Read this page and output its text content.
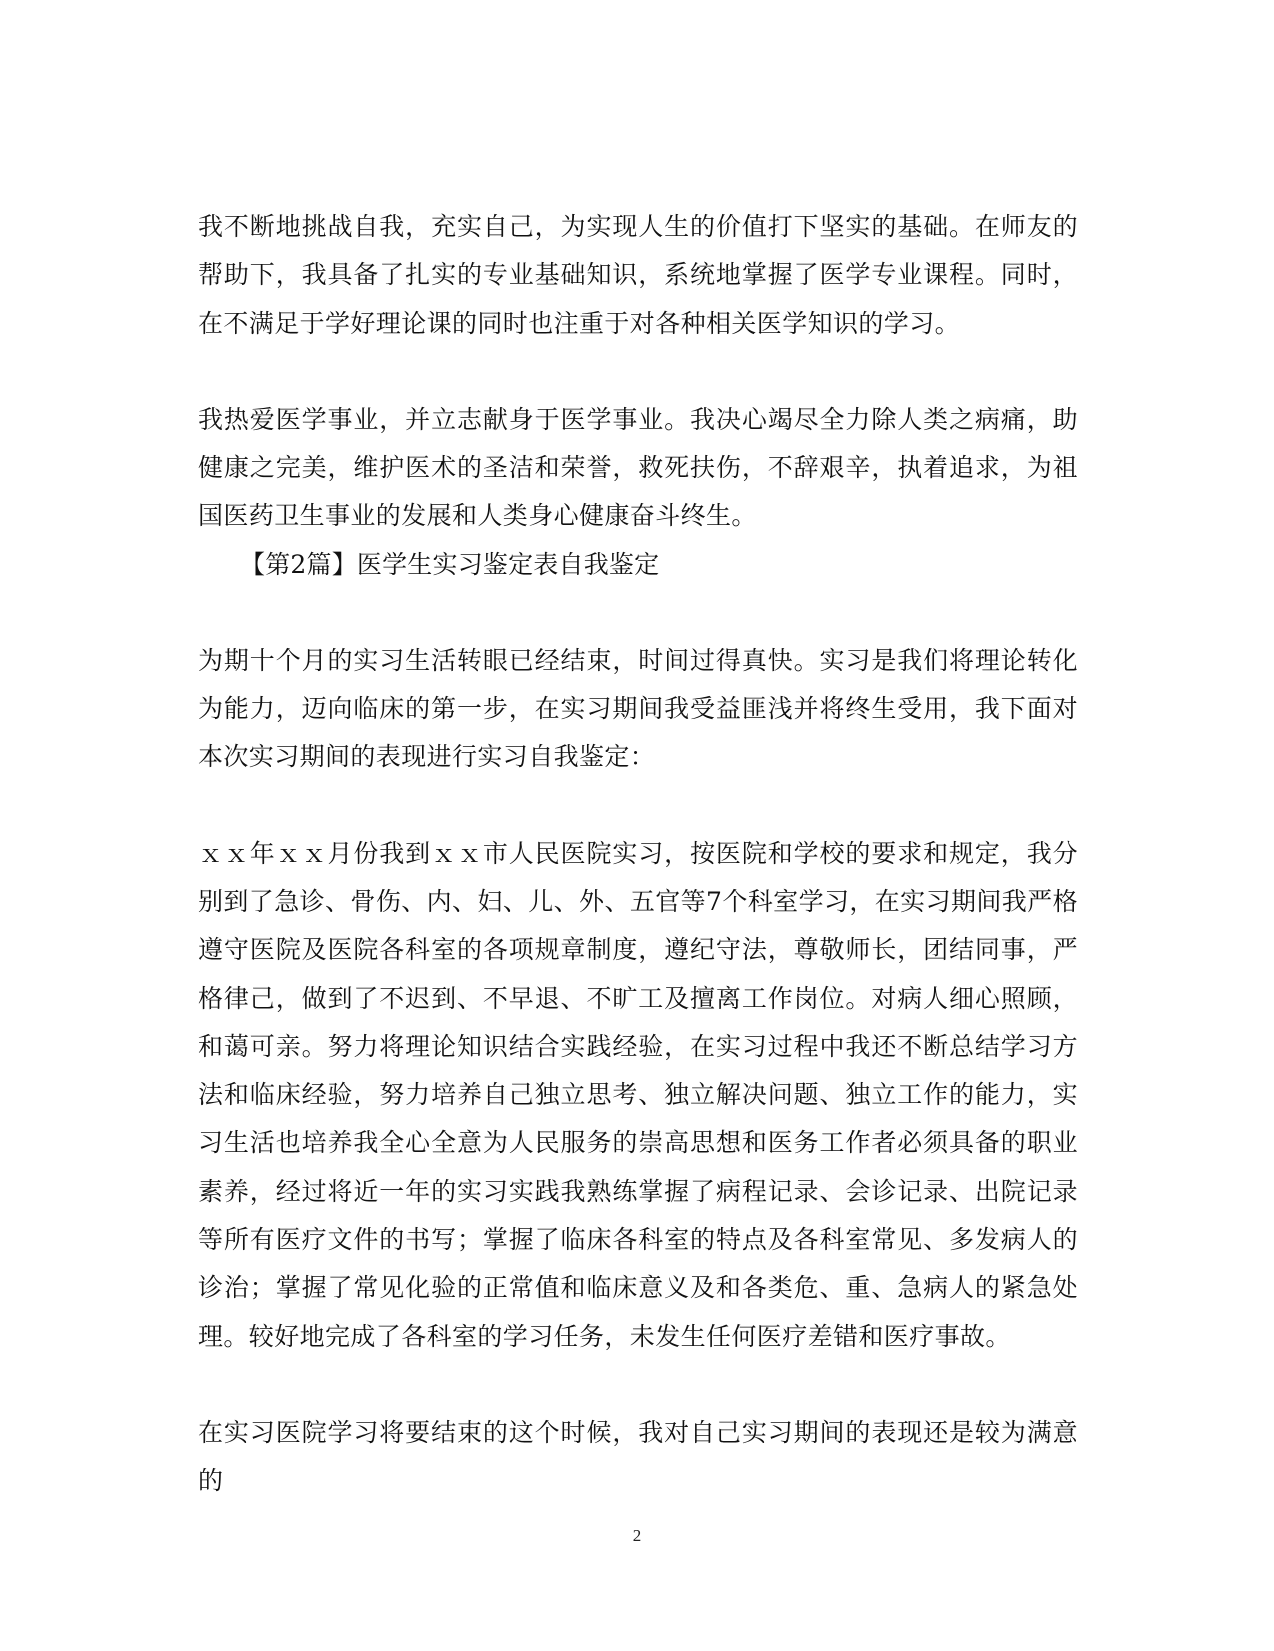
我不断地挑战自我，充实自己，为实现人生的价值打下坚实的基础。在师友的帮助下，我具备了扎实的专业基础知识，系统地掌握了医学专业课程。同时，在不满足于学好理论课的同时也注重于对各种相关医学知识的学习。

我热爱医学事业，并立志献身于医学事业。我决心竭尽全力除人类之病痛，助健康之完美，维护医术的圣洁和荣誉，救死扶伤，不辞艰辛，执着追求，为祖国医药卫生事业的发展和人类身心健康奋斗终生。

【第2篇】医学生实习鉴定表自我鉴定

为期十个月的实习生活转眼已经结束，时间过得真快。实习是我们将理论转化为能力，迈向临床的第一步，在实习期间我受益匪浅并将终生受用，我下面对本次实习期间的表现进行实习自我鉴定：

ｘｘ年ｘｘ月份我到ｘｘ市人民医院实习，按医院和学校的要求和规定，我分别到了急诊、骨伤、内、妇、儿、外、五官等7个科室学习，在实习期间我严格遵守医院及医院各科室的各项规章制度，遵纪守法，尊敬师长，团结同事，严格律己，做到了不迟到、不早退、不旷工及擅离工作岗位。对病人细心照顾，和蔼可亲。努力将理论知识结合实践经验，在实习过程中我还不断总结学习方法和临床经验，努力培养自己独立思考、独立解决问题、独立工作的能力，实习生活也培养我全心全意为人民服务的崇高思想和医务工作者必须具备的职业素养，经过将近一年的实习实践我熟练掌握了病程记录、会诊记录、出院记录等所有医疗文件的书写；掌握了临床各科室的特点及各科室常见、多发病人的诊治；掌握了常见化验的正常值和临床意义及和各类危、重、急病人的紧急处理。较好地完成了各科室的学习任务，未发生任何医疗差错和医疗事故。

在实习医院学习将要结束的这个时候，我对自己实习期间的表现还是较为满意的

2
